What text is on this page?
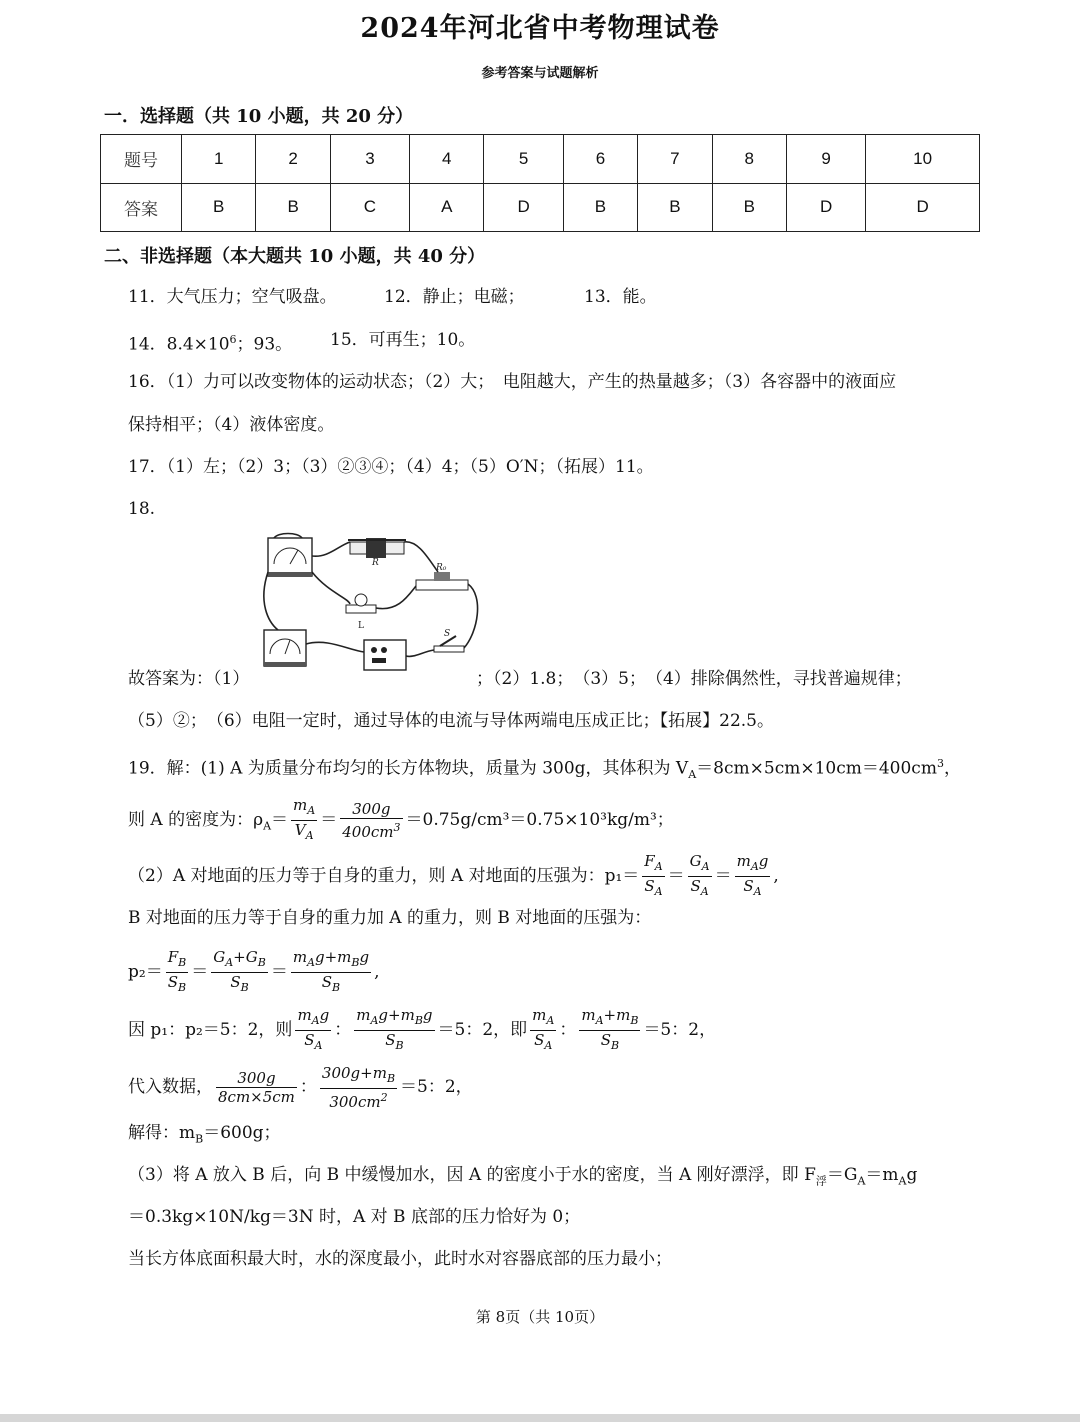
2024年河北省中考物理试卷
参考答案与试题解析
一．选择题（共 10 小题，共 20 分）
题号	1	2	3	4	5	6	7	8	9	10
答案	B	B	C	A	D	B	B	B	D	D
二、非选择题（本大题共 10 小题，共 40 分）
11．大气压力；空气吸盘。	12．静止；电磁；	13．能。
14．$8.4\times 10^6$；93。 15．可再生；10。
16．（1）力可以改变物体的运动状态；（2）大；　电阻越大，产生的热量越多；（3）各容器中的液面应
保持相平；（4）液体密度。
17．（1）左；（2）3；（3）②③④；（4）4；（5）O′N；（拓展）11。
18.
R	R₀
L
S
故答案为：（1）	；（2）1.8；　（3）5；　（4）排除偶然性，寻找普遍规律；
（5）②；　（6）电阻一定时，通过导体的电流与导体两端电压成正比；【拓展】22.5。
19．解：(1) A 为质量分布均匀的长方体物块，质量为 300g，其体积为 $V_A=8cm\times 5cm\times 10cm=400cm^3$，
则 A 的密度为：$\rho_A= \frac{m_A}{V_A} = \frac{300g}{400cm^3} =0.75g/cm^3=0.75\times 10^3kg/m^3$；
（2）A 对地面的压力等于自身的重力，则 A 对地面的压强为：$p_1= \frac{F_A}{S_A} = \frac{G_A}{S_A} = \frac{m_Ag}{S_A}$ ,
B 对地面的压力等于自身的重力加 A 的重力，则 B 对地面的压强为：
$p_2= \frac{F_B}{S_B} = \frac{G_A+G_B}{S_B} = \frac{m_Ag+m_Bg}{S_B}$ ,
因 p₁：p₂＝5：2，则 $\frac{m_Ag}{S_A}$ ： $\frac{m_Ag+m_Bg}{S_B} =5$：2，即 $\frac{m_A}{S_A}$ ： $\frac{m_A+m_B}{S_B} =5$：2，
代入数据， $\frac{300g}{8cm\times 5cm}$ ： $\frac{300g+m_B}{300cm^2} =5$：2，
解得：$m_B=600g$；
（3）将 A 放入 B 后，向 B 中缓慢加水，因 A 的密度小于水的密度，当 A 刚好漂浮，即 $F_浮=G_A=m_Ag$
＝0.3kg×10N/kg＝3N 时，A 对 B 底部的压力恰好为 0；
当长方体底面积最大时，水的深度最小，此时水对容器底部的压力最小；
第 8页（共 10页）
